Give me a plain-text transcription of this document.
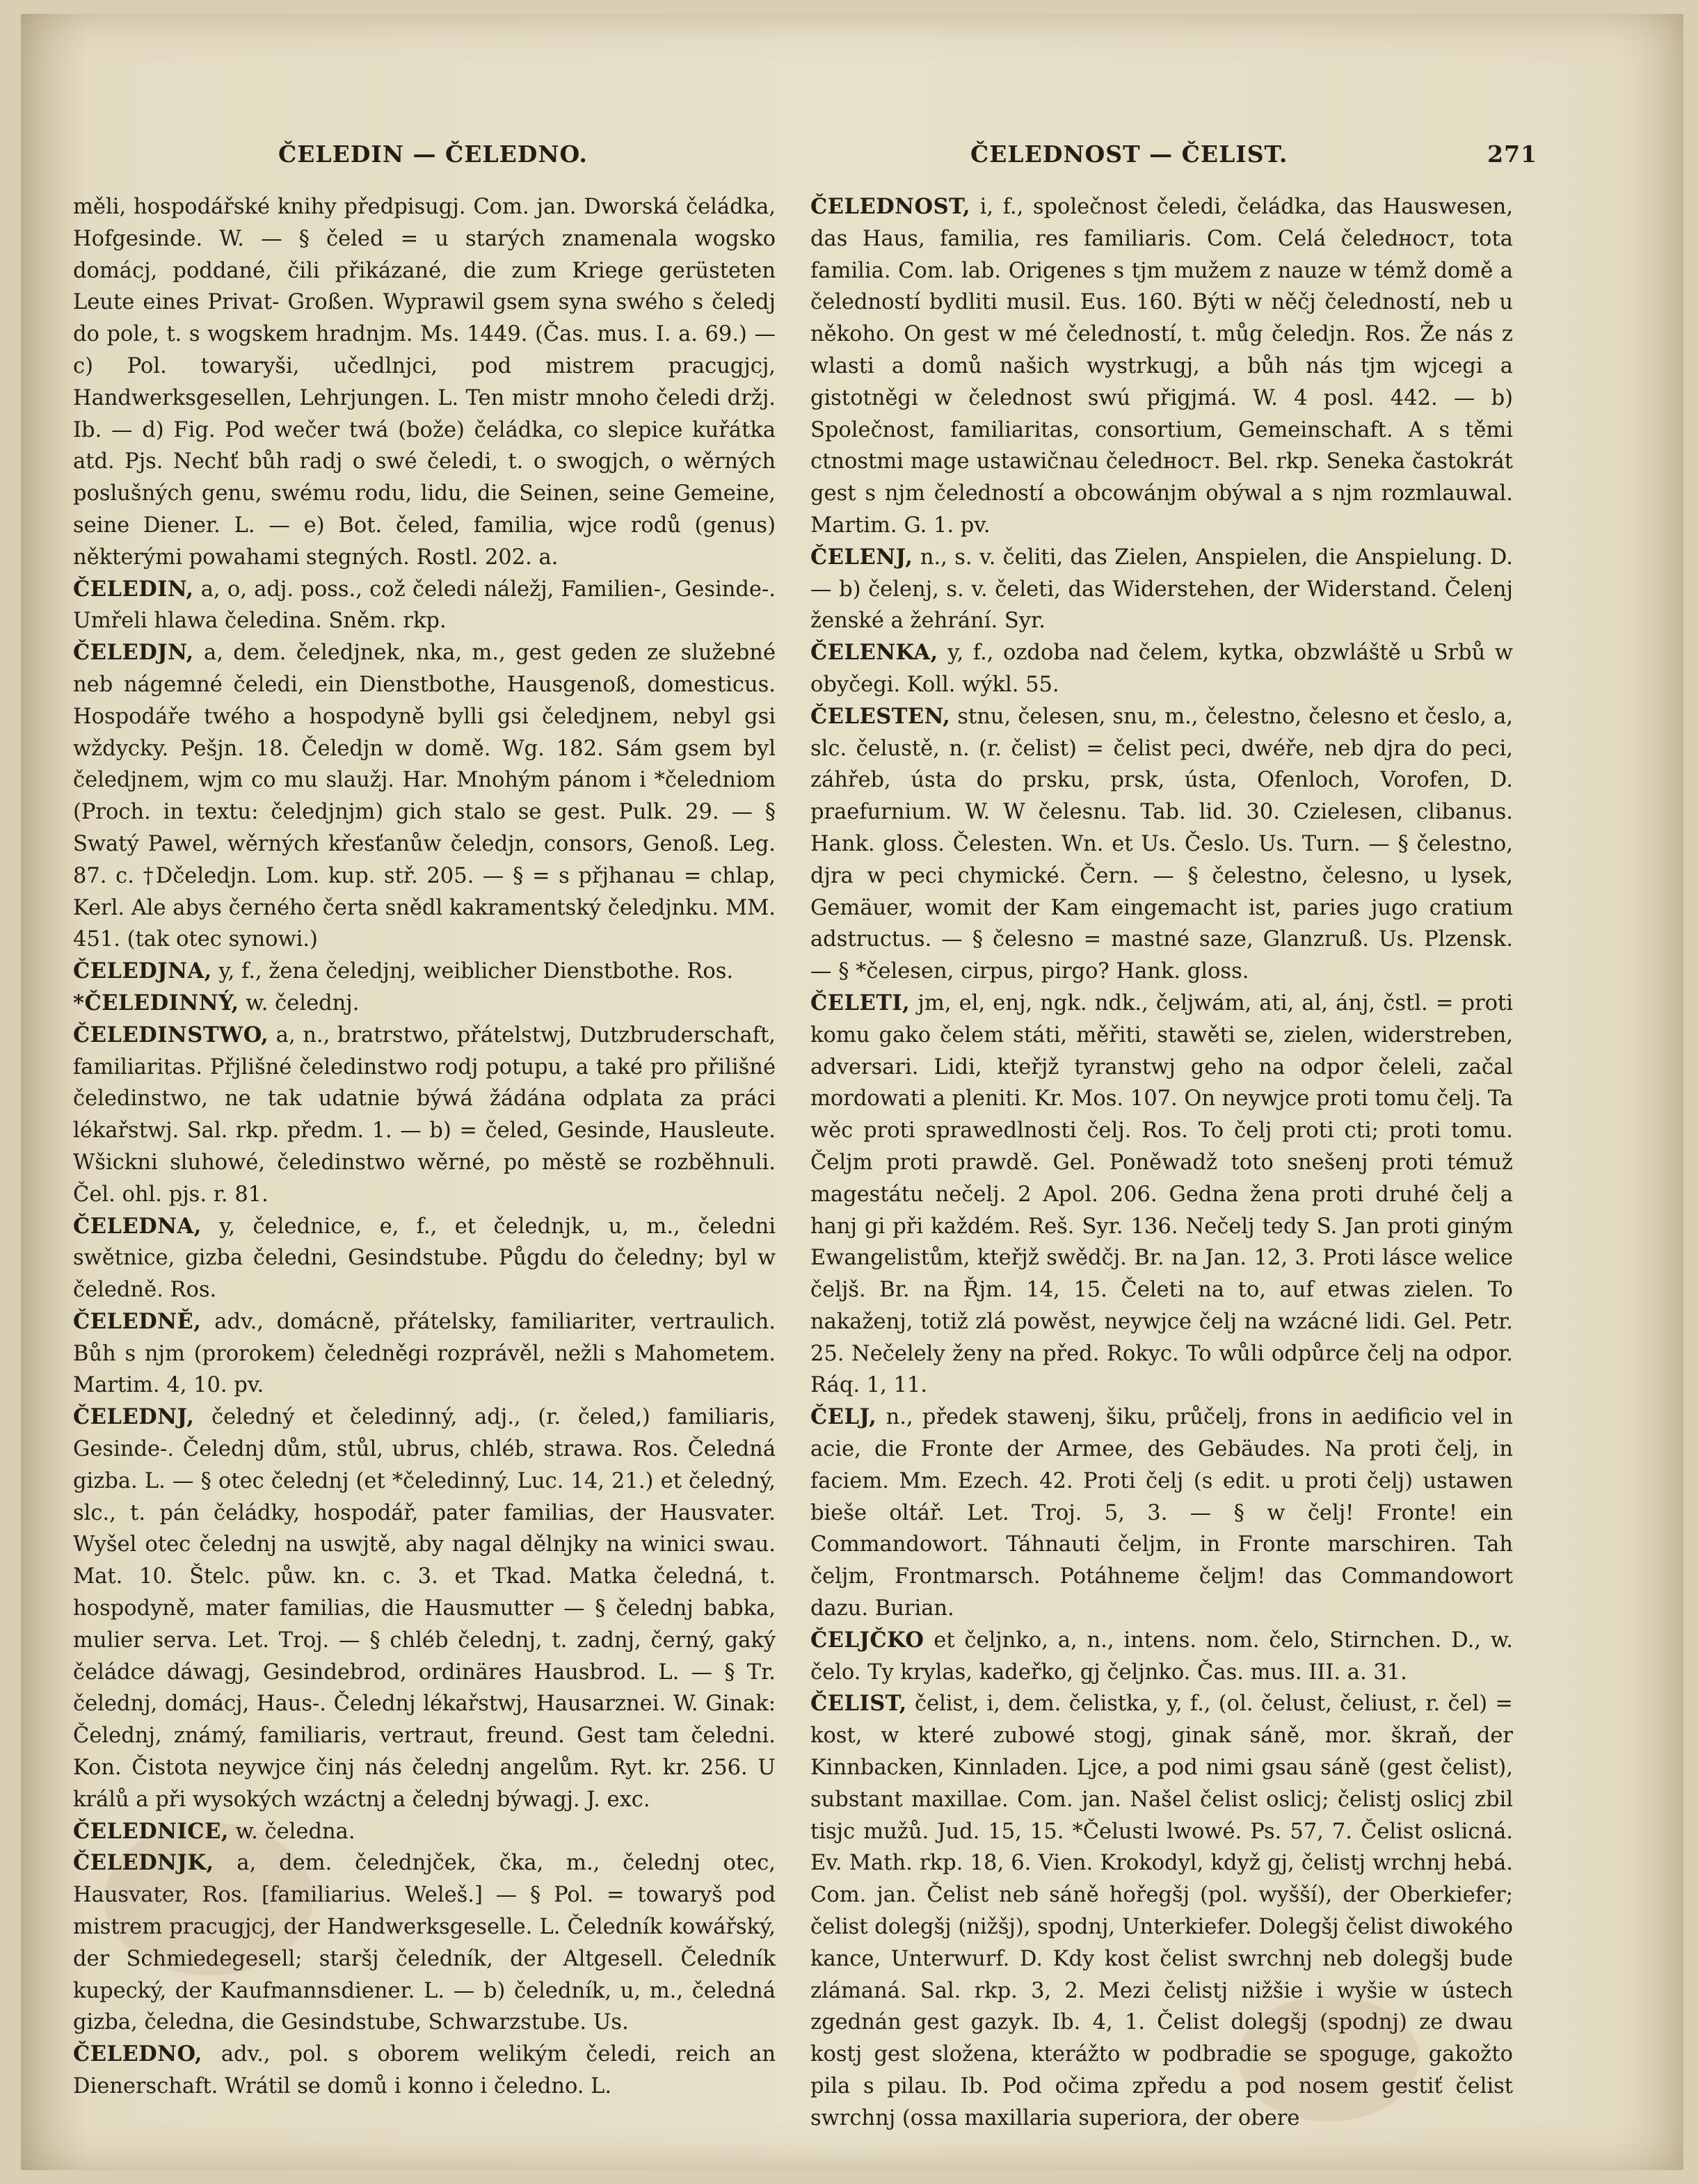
ČELEDIN — ČELEDNO.	ČELEDNOST — ČELIST.	271

měli, hospodářské knihy předpisugj. Com. jan. Dworská čeládka, Hofgesinde. W. — § čeled = u starých znamenala wogsko domácj, poddané, čili přikázané, die zum Kriege gerüsteten Leute eines Privat- Großen. Wyprawil gsem syna swého s čeledj do pole, t. s wogskem hradnjm. Ms. 1449. (Čas. mus. I. a. 69.) — c) Pol. towaryši, učedlnjci, pod mistrem pracugjcj, Handwerksgesellen, Lehrjungen. L. Ten mistr mnoho čeledi držj. Ib. — d) Fig. Pod wečer twá (bože) čeládka, co slepice kuřátka atd. Pjs. Nechť bůh radj o swé čeledi, t. o swogjch, o wěrných poslušných genu, swému rodu, lidu, die Seinen, seine Gemeine, seine Diener. L. — e) Bot. čeled, familia, wjce rodů (genus) některými powahami stegných. Rostl. 202. a.

ČELEDIN, a, o, adj. poss., což čeledi náležj, Familien-, Gesinde-. Umřeli hlawa čeledina. Sněm. rkp.

ČELEDJN, a, dem. čeledjnek, nka, m., gest geden ze služebné neb nágemné čeledi, ein Dienstbothe, Hausgenoß, domesticus. Hospodáře twého a hospodyně bylli gsi čeledjnem, nebyl gsi wždycky. Pešjn. 18. Čeledjn w domě. Wg. 182. Sám gsem byl čeledjnem, wjm co mu slaužj. Har. Mnohým pánom i *čeledniom (Proch. in textu: čeledjnjm) gich stalo se gest. Pulk. 29. — § Swatý Pawel, wěrných křesťanůw čeledjn, consors, Genoß. Leg. 87. c. †Dčeledjn. Lom. kup. stř. 205. — § = s přjhanau = chlap, Kerl. Ale abys černého čerta snědl kakramentský čeledjnku. MM. 451. (tak otec synowi.)

ČELEDJNA, y, f., žena čeledjnj, weiblicher Dienstbothe. Ros.

*ČELEDINNÝ, w. čelednj.

ČELEDINSTWO, a, n., bratrstwo, přátelstwj, Dutzbruderschaft, familiaritas. Přjlišné čeledinstwo rodj potupu, a také pro přilišné čeledinstwo, ne tak udatnie býwá žádána odplata za práci lékařstwj. Sal. rkp. předm. 1. — b) = čeled, Gesinde, Hausleute. Wšickni sluhowé, čeledinstwo wěrné, po městě se rozběhnuli. Čel. ohl. pjs. r. 81.

ČELEDNA, y, čelednice, e, f., et čelednjk, u, m., čeledni swětnice, gizba čeledni, Gesindstube. Půgdu do čeledny; byl w čeledně. Ros.

ČELEDNĚ, adv., domácně, přátelsky, familiariter, vertraulich. Bůh s njm (prorokem) čeledněgi rozprávěl, nežli s Mahometem. Martim. 4, 10. pv.

ČELEDNJ, čeledný et čeledinný, adj., (r. čeled,) familiaris, Gesinde-. Čelednj dům, stůl, ubrus, chléb, strawa. Ros. Čeledná gizba. L. — § otec čelednj (et *čeledinný, Luc. 14, 21.) et čeledný, slc., t. pán čeládky, hospodář, pater familias, der Hausvater. Wyšel otec čelednj na uswjtě, aby nagal dělnjky na winici swau. Mat. 10. Štelc. půw. kn. c. 3. et Tkad. Matka čeledná, t. hospodyně, mater familias, die Hausmutter — § čelednj babka, mulier serva. Let. Troj. — § chléb čelednj, t. zadnj, černý, gaký čeládce dáwagj, Gesindebrod, ordinäres Hausbrod. L. — § Tr. čelednj, domácj, Haus-. Čelednj lékařstwj, Hausarznei. W. Ginak: Čelednj, známý, familiaris, vertraut, freund. Gest tam čeledni. Kon. Čistota neywjce činj nás čelednj angelům. Ryt. kr. 256. U králů a při wysokých wzáctnj a čelednj býwagj. J. exc.

ČELEDNICE, w. čeledna.

ČELEDNJK, a, dem. čelednjček, čka, m., čelednj otec, Hausvater, Ros. [familiarius. Weleš.] — § Pol. = towaryš pod mistrem pracugjcj, der Handwerksgeselle. L. Čeledník kowářský, der Schmiedegesell; staršj čeledník, der Altgesell. Čeledník kupecký, der Kaufmannsdiener. L. — b) čeledník, u, m., čeledná gizba, čeledna, die Gesindstube, Schwarzstube. Us.

ČELEDNO, adv., pol. s oborem welikým čeledi, reich an Dienerschaft. Wrátil se domů i konno i čeledno. L.

ČELEDNOST, i, f., společnost čeledi, čeládka, das Hauswesen, das Haus, familia, res familiaris. Com. Celá čeledност, tota familia. Com. lab. Origenes s tjm mužem z nauze w témž domě a čeledností bydliti musil. Eus. 160. Býti w něčj čeledností, neb u někoho. On gest w mé čeledností, t. můg čeledjn. Ros. Že nás z wlasti a domů našich wystrkugj, a bůh nás tjm wjcegi a gistotněgi w čelednost swú přigjmá. W. 4 posl. 442. — b) Společnost, familiaritas, consortium, Gemeinschaft. A s těmi ctnostmi mage ustawičnau čeledност. Bel. rkp. Seneka častokrát gest s njm čeledností a obcowánjm obýwal a s njm rozmlauwal. Martim. G. 1. pv.

ČELENJ, n., s. v. čeliti, das Zielen, Anspielen, die Anspielung. D. — b) čelenj, s. v. čeleti, das Widerstehen, der Widerstand. Čelenj ženské a žehrání. Syr.

ČELENKA, y, f., ozdoba nad čelem, kytka, obzwláště u Srbů w obyčegi. Koll. wýkl. 55.

ČELESTEN, stnu, čelesen, snu, m., čelestno, čelesno et česlo, a, slc. čelustě, n. (r. čelist) = čelist peci, dwéře, neb djra do peci, záhřeb, ústa do prsku, prsk, ústa, Ofenloch, Vorofen, D. praefurnium. W. W čelesnu. Tab. lid. 30. Czielesen, clibanus. Hank. gloss. Čelesten. Wn. et Us. Česlo. Us. Turn. — § čelestno, djra w peci chymické. Čern. — § čelestno, čelesno, u lysek, Gemäuer, womit der Kam eingemacht ist, paries jugo cratium adstructus. — § čelesno = mastné saze, Glanzruß. Us. Plzensk. — § *čelesen, cirpus, pirgo? Hank. gloss.

ČELETI, jm, el, enj, ngk. ndk., čeljwám, ati, al, ánj, čstl. = proti komu gako čelem státi, měřiti, stawěti se, zielen, widerstreben, adversari. Lidi, kteřjž tyranstwj geho na odpor čeleli, začal mordowati a pleniti. Kr. Mos. 107. On neywjce proti tomu čelj. Ta wěc proti sprawedlnosti čelj. Ros. To čelj proti cti; proti tomu. Čeljm proti prawdě. Gel. Poněwadž toto snešenj proti témuž magestátu nečelj. 2 Apol. 206. Gedna žena proti druhé čelj a hanj gi při každém. Reš. Syr. 136. Nečelj tedy S. Jan proti giným Ewangelistům, kteřjž swědčj. Br. na Jan. 12, 3. Proti lásce welice čeljš. Br. na Řjm. 14, 15. Čeleti na to, auf etwas zielen. To nakaženj, totiž zlá powěst, neywjce čelj na wzácné lidi. Gel. Petr. 25. Nečelely ženy na před. Rokyc. To wůli odpůrce čelj na odpor. Ráq. 1, 11.

ČELJ, n., předek stawenj, šiku, průčelj, frons in aedificio vel in acie, die Fronte der Armee, des Gebäudes. Na proti čelj, in faciem. Mm. Ezech. 42. Proti čelj (s edit. u proti čelj) ustawen bieše oltář. Let. Troj. 5, 3. — § w čelj! Fronte! ein Commandowort. Táhnauti čeljm, in Fronte marschiren. Tah čeljm, Frontmarsch. Potáhneme čeljm! das Commandowort dazu. Burian.

ČELJČKO et čeljnko, a, n., intens. nom. čelo, Stirnchen. D., w. čelo. Ty krylas, kadeřko, gj čeljnko. Čas. mus. III. a. 31.

ČELIST, čelist, i, dem. čelistka, y, f., (ol. čelust, čeliust, r. čel) = kost, w které zubowé stogj, ginak sáně, mor. škraň, der Kinnbacken, Kinnladen. Ljce, a pod nimi gsau sáně (gest čelist), substant maxillae. Com. jan. Našel čelist oslicj; čelistj oslicj zbil tisjc mužů. Jud. 15, 15. *Čelusti lwowé. Ps. 57, 7. Čelist oslicná. Ev. Math. rkp. 18, 6. Vien. Krokodyl, když gj, čelistj wrchnj hebá. Com. jan. Čelist neb sáně hořegšj (pol. wyšší), der Oberkiefer; čelist dolegšj (nižšj), spodnj, Unterkiefer. Dolegšj čelist diwokého kance, Unterwurf. D. Kdy kost čelist swrchnj neb dolegšj bude zlámaná. Sal. rkp. 3, 2. Mezi čelistj nižšie i wyšie w ústech zgednán gest gazyk. Ib. 4, 1. Čelist dolegšj (spodnj) ze dwau kostj gest složena, kterážto w podbradie se spoguge, gakožto pila s pilau. Ib. Pod očima zpředu a pod nosem gestiť čelist swrchnj (ossa maxillaria superiora, der obere
